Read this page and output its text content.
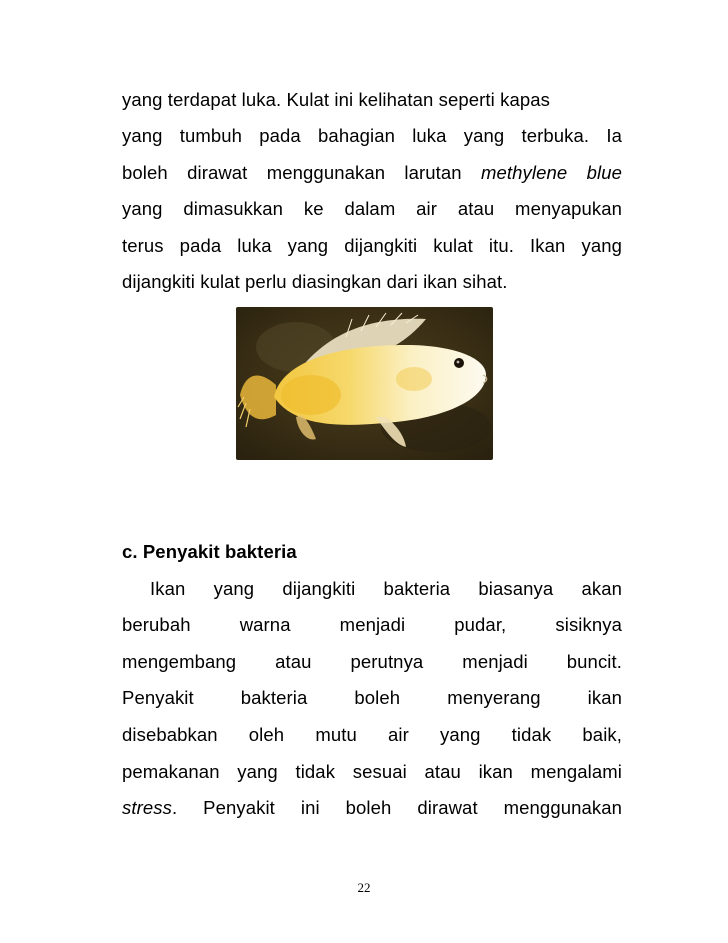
yang terdapat luka. Kulat ini kelihatan seperti kapas
yang tumbuh pada bahagian luka yang terbuka. Ia
boleh dirawat menggunakan larutan methylene blue
yang dimasukkan ke dalam air atau menyapukan
terus pada luka yang dijangkiti kulat itu. Ikan yang
dijangkiti kulat perlu diasingkan dari ikan sihat.
c. Penyakit bakteria
Ikan yang dijangkiti bakteria biasanya akan
berubah warna menjadi pudar, sisiknya
mengembang atau perutnya menjadi buncit.
Penyakit bakteria boleh menyerang ikan
disebabkan oleh mutu air yang tidak baik,
pemakanan yang tidak sesuai atau ikan mengalami
stress. Penyakit ini boleh dirawat menggunakan
22
